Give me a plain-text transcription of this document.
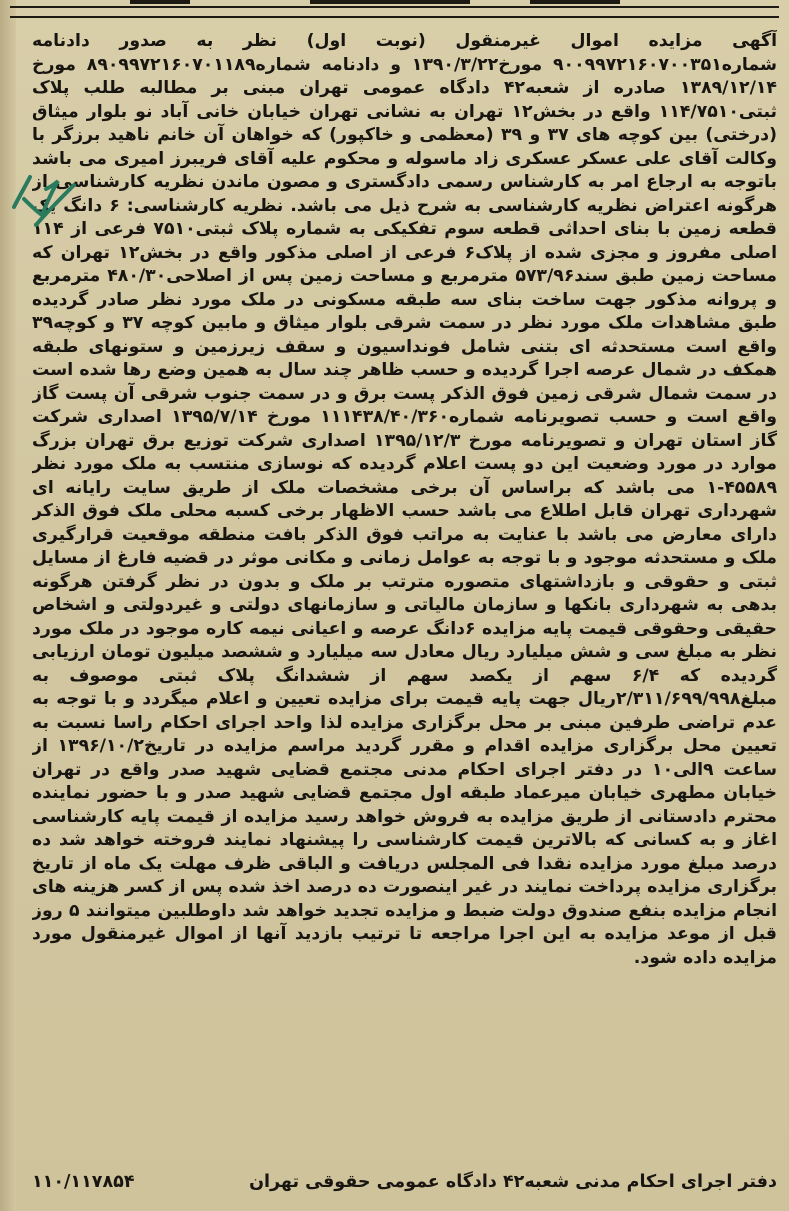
آگهی مزایده اموال غیرمنقول (نوبت اول) نظر به صدور دادنامه شماره۹۰۰۹۹۷۲۱۶۰۷۰۰۳۵۱ مورخ۱۳۹۰/۳/۲۲ و دادنامه شماره۸۹۰۹۹۷۲۱۶۰۷۰۱۱۸۹ مورخ ۱۳۸۹/۱۲/۱۴ صادره از شعبه۴۲ دادگاه عمومی تهران مبنی بر مطالبه طلب پلاک ثبتی۱۱۴/۷۵۱۰ واقع در بخش۱۲ تهران به نشانی تهران خیابان خانی آباد نو بلوار میثاق (درختی) بین کوچه های ۳۷ و ۳۹ (معظمی و خاکپور) که خواهان آن خانم ناهید برزگر با وکالت آقای علی عسکر عسکری زاد ماسوله و محکوم علیه آقای فریبرز امیری می باشد باتوجه به ارجاع امر به کارشناس رسمی دادگستری و مصون ماندن نظریه کارشناسی از هرگونه اعتراض نظریه کارشناسی به شرح ذیل می باشد. نظریه کارشناسی: ۶ دانگ یک قطعه زمین با بنای احداثی قطعه سوم تفکیکی به شماره پلاک ثبتی۷۵۱۰ فرعی از ۱۱۴ اصلی مفروز و مجزی شده از پلاک۶ فرعی از اصلی مذکور واقع در بخش۱۲ تهران که مساحت زمین طبق سند۵۷۳/۹۶ مترمربع و مساحت زمین پس از اصلاحی۴۸۰/۳۰ مترمربع و پروانه مذکور جهت ساخت بنای سه طبقه مسکونی در ملک مورد نظر صادر گردیده طبق مشاهدات ملک مورد نظر در سمت شرقی بلوار میثاق و مابین کوچه ۳۷ و کوچه۳۹ واقع است مستحدثه ای بتنی شامل فونداسیون و سقف زیرزمین و ستونهای طبقه همکف در شمال عرصه اجرا گردیده و حسب ظاهر چند سال به همین وضع رها شده است در سمت شمال شرقی زمین فوق الذکر پست برق و در سمت جنوب شرقی آن پست گاز واقع است و حسب تصویرنامه شماره۱۱۱۴۳۸/۴۰/۳۶۰ مورخ ۱۳۹۵/۷/۱۴ اصداری شرکت گاز استان تهران و تصویرنامه مورخ ۱۳۹۵/۱۲/۳ اصداری شرکت توزیع برق تهران بزرگ موارد در مورد وضعیت این دو پست اعلام گردیده که نوسازی منتسب به ملک مورد نظر ۴۵۵۸۹-۱ می باشد که براساس آن برخی مشخصات ملک از طریق سایت رایانه ای شهرداری تهران قابل اطلاع می باشد حسب الاظهار برخی کسبه محلی ملک فوق الذکر دارای معارض می باشد با عنایت به مراتب فوق الذکر بافت منطقه موقعیت قرارگیری ملک و مستحدثه موجود و با توجه به عوامل زمانی و مکانی موثر در قضیه فارغ از مسایل ثبتی و حقوقی و بازداشتهای متصوره مترتب بر ملک و بدون در نظر گرفتن هرگونه بدهی به شهرداری بانکها و سازمان مالیاتی و سازمانهای دولتی و غیردولتی و اشخاص حقیقی وحقوقی قیمت پایه مزایده ۶دانگ عرصه و اعیانی نیمه کاره موجود در ملک مورد نظر به مبلغ سی و شش میلیارد ریال معادل سه میلیارد و ششصد میلیون تومان ارزیابی گردیده که ۶/۴ سهم از یکصد سهم از ششدانگ پلاک ثبتی موصوف به مبلغ۲/۳۱۱/۶۹۹/۹۹۸ریال جهت پایه قیمت برای مزایده تعیین و اعلام میگردد و با توجه به عدم تراضی طرفین مبنی بر محل برگزاری مزایده لذا واحد اجرای احکام راسا نسبت به تعیین محل برگزاری مزایده اقدام و مقرر گردید مراسم مزایده در تاریخ۱۳۹۶/۱۰/۲ از ساعت ۹الی۱۰ در دفتر اجرای احکام مدنی مجتمع قضایی شهید صدر واقع در تهران خیابان مطهری خیابان میرعماد طبقه اول مجتمع قضایی شهید صدر و با حضور نماینده محترم دادستانی از طریق مزایده به فروش خواهد رسید مزایده از قیمت پایه کارشناسی اغاز و به کسانی که بالاترین قیمت کارشناسی را پیشنهاد نمایند فروخته خواهد شد ده درصد مبلغ مورد مزایده نقدا فی المجلس دریافت و الباقی ظرف مهلت یک ماه از تاریخ برگزاری مزایده پرداخت نمایند در غیر اینصورت ده درصد اخذ شده پس از کسر هزینه های انجام مزایده بنفع صندوق دولت ضبط و مزایده تجدید خواهد شد داوطلبین میتوانند ۵ روز قبل از موعد مزایده به این اجرا مراجعه تا ترتیب بازدید آنها از اموال غیرمنقول مورد مزایده داده شود.

دفتر اجرای احکام مدنی شعبه۴۲ دادگاه عمومی حقوقی تهران
۱۱۰/۱۱۷۸۵۴
